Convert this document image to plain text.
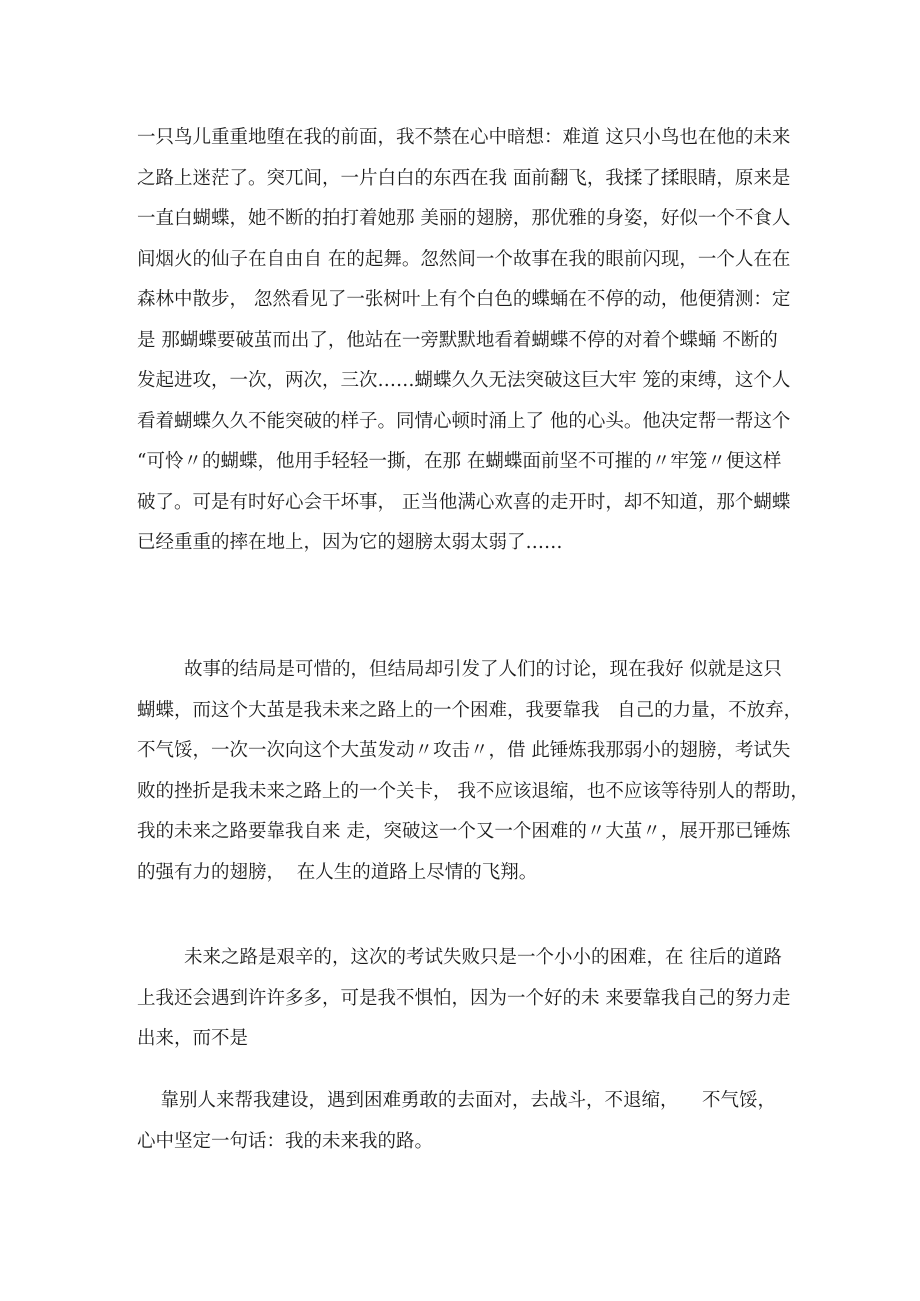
一只鸟儿重重地堕在我的前面，我不禁在心中暗想：难道 这只小鸟也在他的未来
之路上迷茫了。突兀间，一片白白的东西在我 面前翻飞，我揉了揉眼睛，原来是
一直白蝴蝶，她不断的拍打着她那 美丽的翅膀，那优雅的身姿，好似一个不食人
间烟火的仙子在自由自 在的起舞。忽然间一个故事在我的眼前闪现，一个人在在
森林中散步， 忽然看见了一张树叶上有个白色的蝶蛹在不停的动，他便猜测：定
是 那蝴蝶要破茧而出了，他站在一旁默默地看着蝴蝶不停的对着个蝶蛹 不断的
发起进攻，一次，两次，三次……蝴蝶久久无法突破这巨大牢 笼的束缚，这个人
看着蝴蝶久久不能突破的样子。同情心顿时涌上了 他的心头。他决定帮一帮这个
“可怜〃的蝴蝶，他用手轻轻一撕，在那 在蝴蝶面前坚不可摧的〃牢笼〃便这样
破了。可是有时好心会干坏事， 正当他满心欢喜的走开时，却不知道，那个蝴蝶
已经重重的摔在地上，因为它的翅膀太弱太弱了……

故事的结局是可惜的，但结局却引发了人们的讨论，现在我好 似就是这只
蝴蝶，而这个大茧是我未来之路上的一个困难，我要靠我   自己的力量，不放弃，
不气馁，一次一次向这个大茧发动〃攻击〃，借 此锤炼我那弱小的翅膀，考试失
败的挫折是我未来之路上的一个关卡， 我不应该退缩，也不应该等待别人的帮助，
我的未来之路要靠我自来 走，突破这一个又一个困难的〃大茧〃，展开那已锤炼
的强有力的翅膀，  在人生的道路上尽情的飞翔。

未来之路是艰辛的，这次的考试失败只是一个小小的困难，在 往后的道路
上我还会遇到许许多多，可是我不惧怕，因为一个好的未 来要靠我自己的努力走
出来，而不是

靠别人来帮我建设，遇到困难勇敢的去面对，去战斗，不退缩，    不气馁，
心中坚定一句话：我的未来我的路。
